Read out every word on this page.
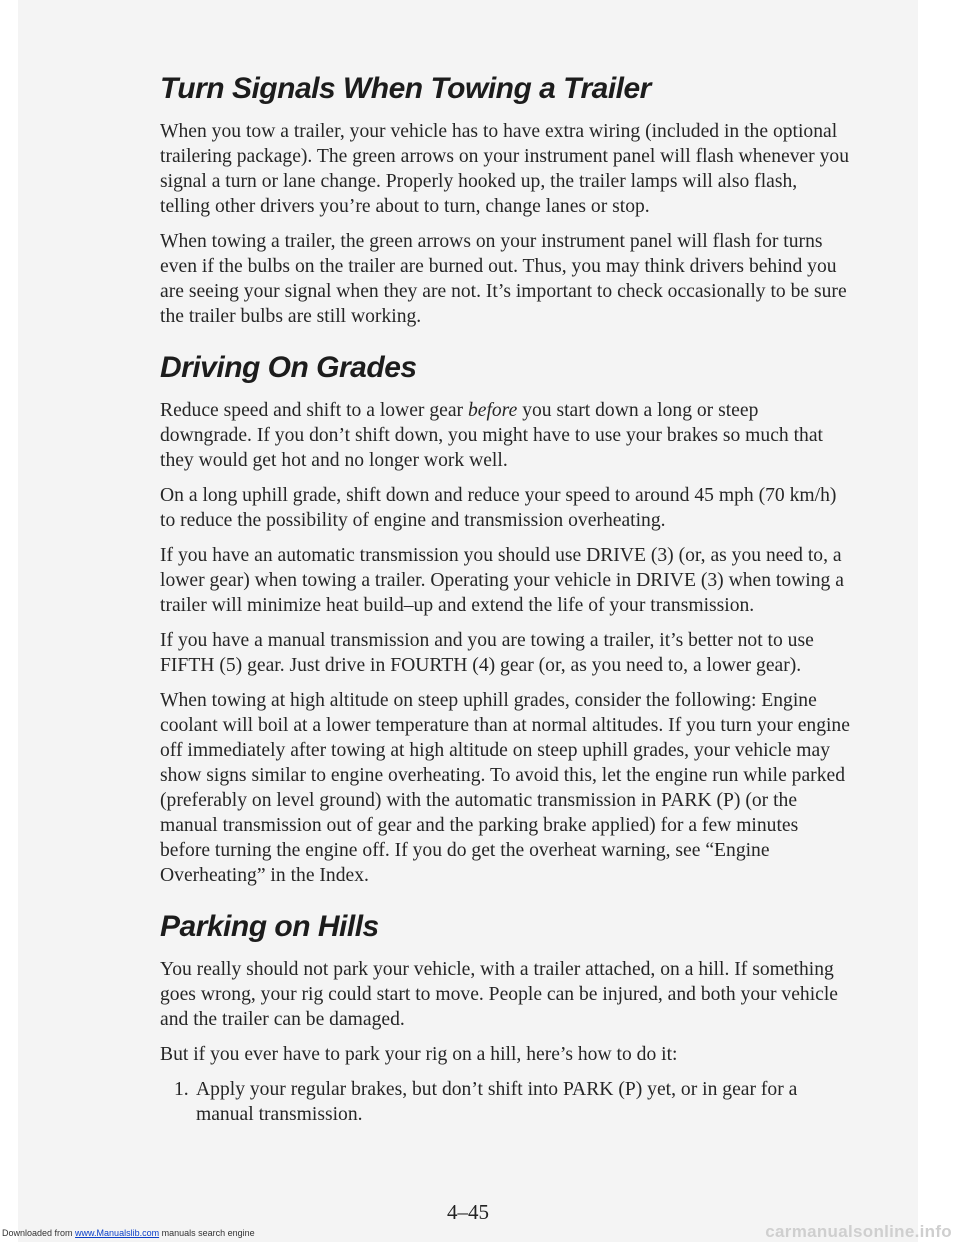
Turn Signals When Towing a Trailer

When you tow a trailer, your vehicle has to have extra wiring (included in the optional trailering package). The green arrows on your instrument panel will flash whenever you signal a turn or lane change. Properly hooked up, the trailer lamps will also flash, telling other drivers you’re about to turn, change lanes or stop.

When towing a trailer, the green arrows on your instrument panel will flash for turns even if the bulbs on the trailer are burned out. Thus, you may think drivers behind you are seeing your signal when they are not. It’s important to check occasionally to be sure the trailer bulbs are still working.

Driving On Grades

Reduce speed and shift to a lower gear before you start down a long or steep downgrade. If you don’t shift down, you might have to use your brakes so much that they would get hot and no longer work well.

On a long uphill grade, shift down and reduce your speed to around 45 mph (70 km/h) to reduce the possibility of engine and transmission overheating.

If you have an automatic transmission you should use DRIVE (3) (or, as you need to, a lower gear) when towing a trailer. Operating your vehicle in DRIVE (3) when towing a trailer will minimize heat build–up and extend the life of your transmission.

If you have a manual transmission and you are towing a trailer, it’s better not to use FIFTH (5) gear. Just drive in FOURTH (4) gear (or, as you need to, a lower gear).

When towing at high altitude on steep uphill grades, consider the following: Engine coolant will boil at a lower temperature than at normal altitudes. If you turn your engine off immediately after towing at high altitude on steep uphill grades, your vehicle may show signs similar to engine overheating. To avoid this, let the engine run while parked (preferably on level ground) with the automatic transmission in PARK (P) (or the manual transmission out of gear and the parking brake applied) for a few minutes before turning the engine off. If you do get the overheat warning, see “Engine Overheating” in the Index.

Parking on Hills

You really should not park your vehicle, with a trailer attached, on a hill. If something goes wrong, your rig could start to move. People can be injured, and both your vehicle and the trailer can be damaged.

But if you ever have to park your rig on a hill, here’s how to do it:

1. Apply your regular brakes, but don’t shift into PARK (P) yet, or in gear for a manual transmission.
4–45
Downloaded from www.Manualslib.com manuals search engine	carmanualsonline.info
